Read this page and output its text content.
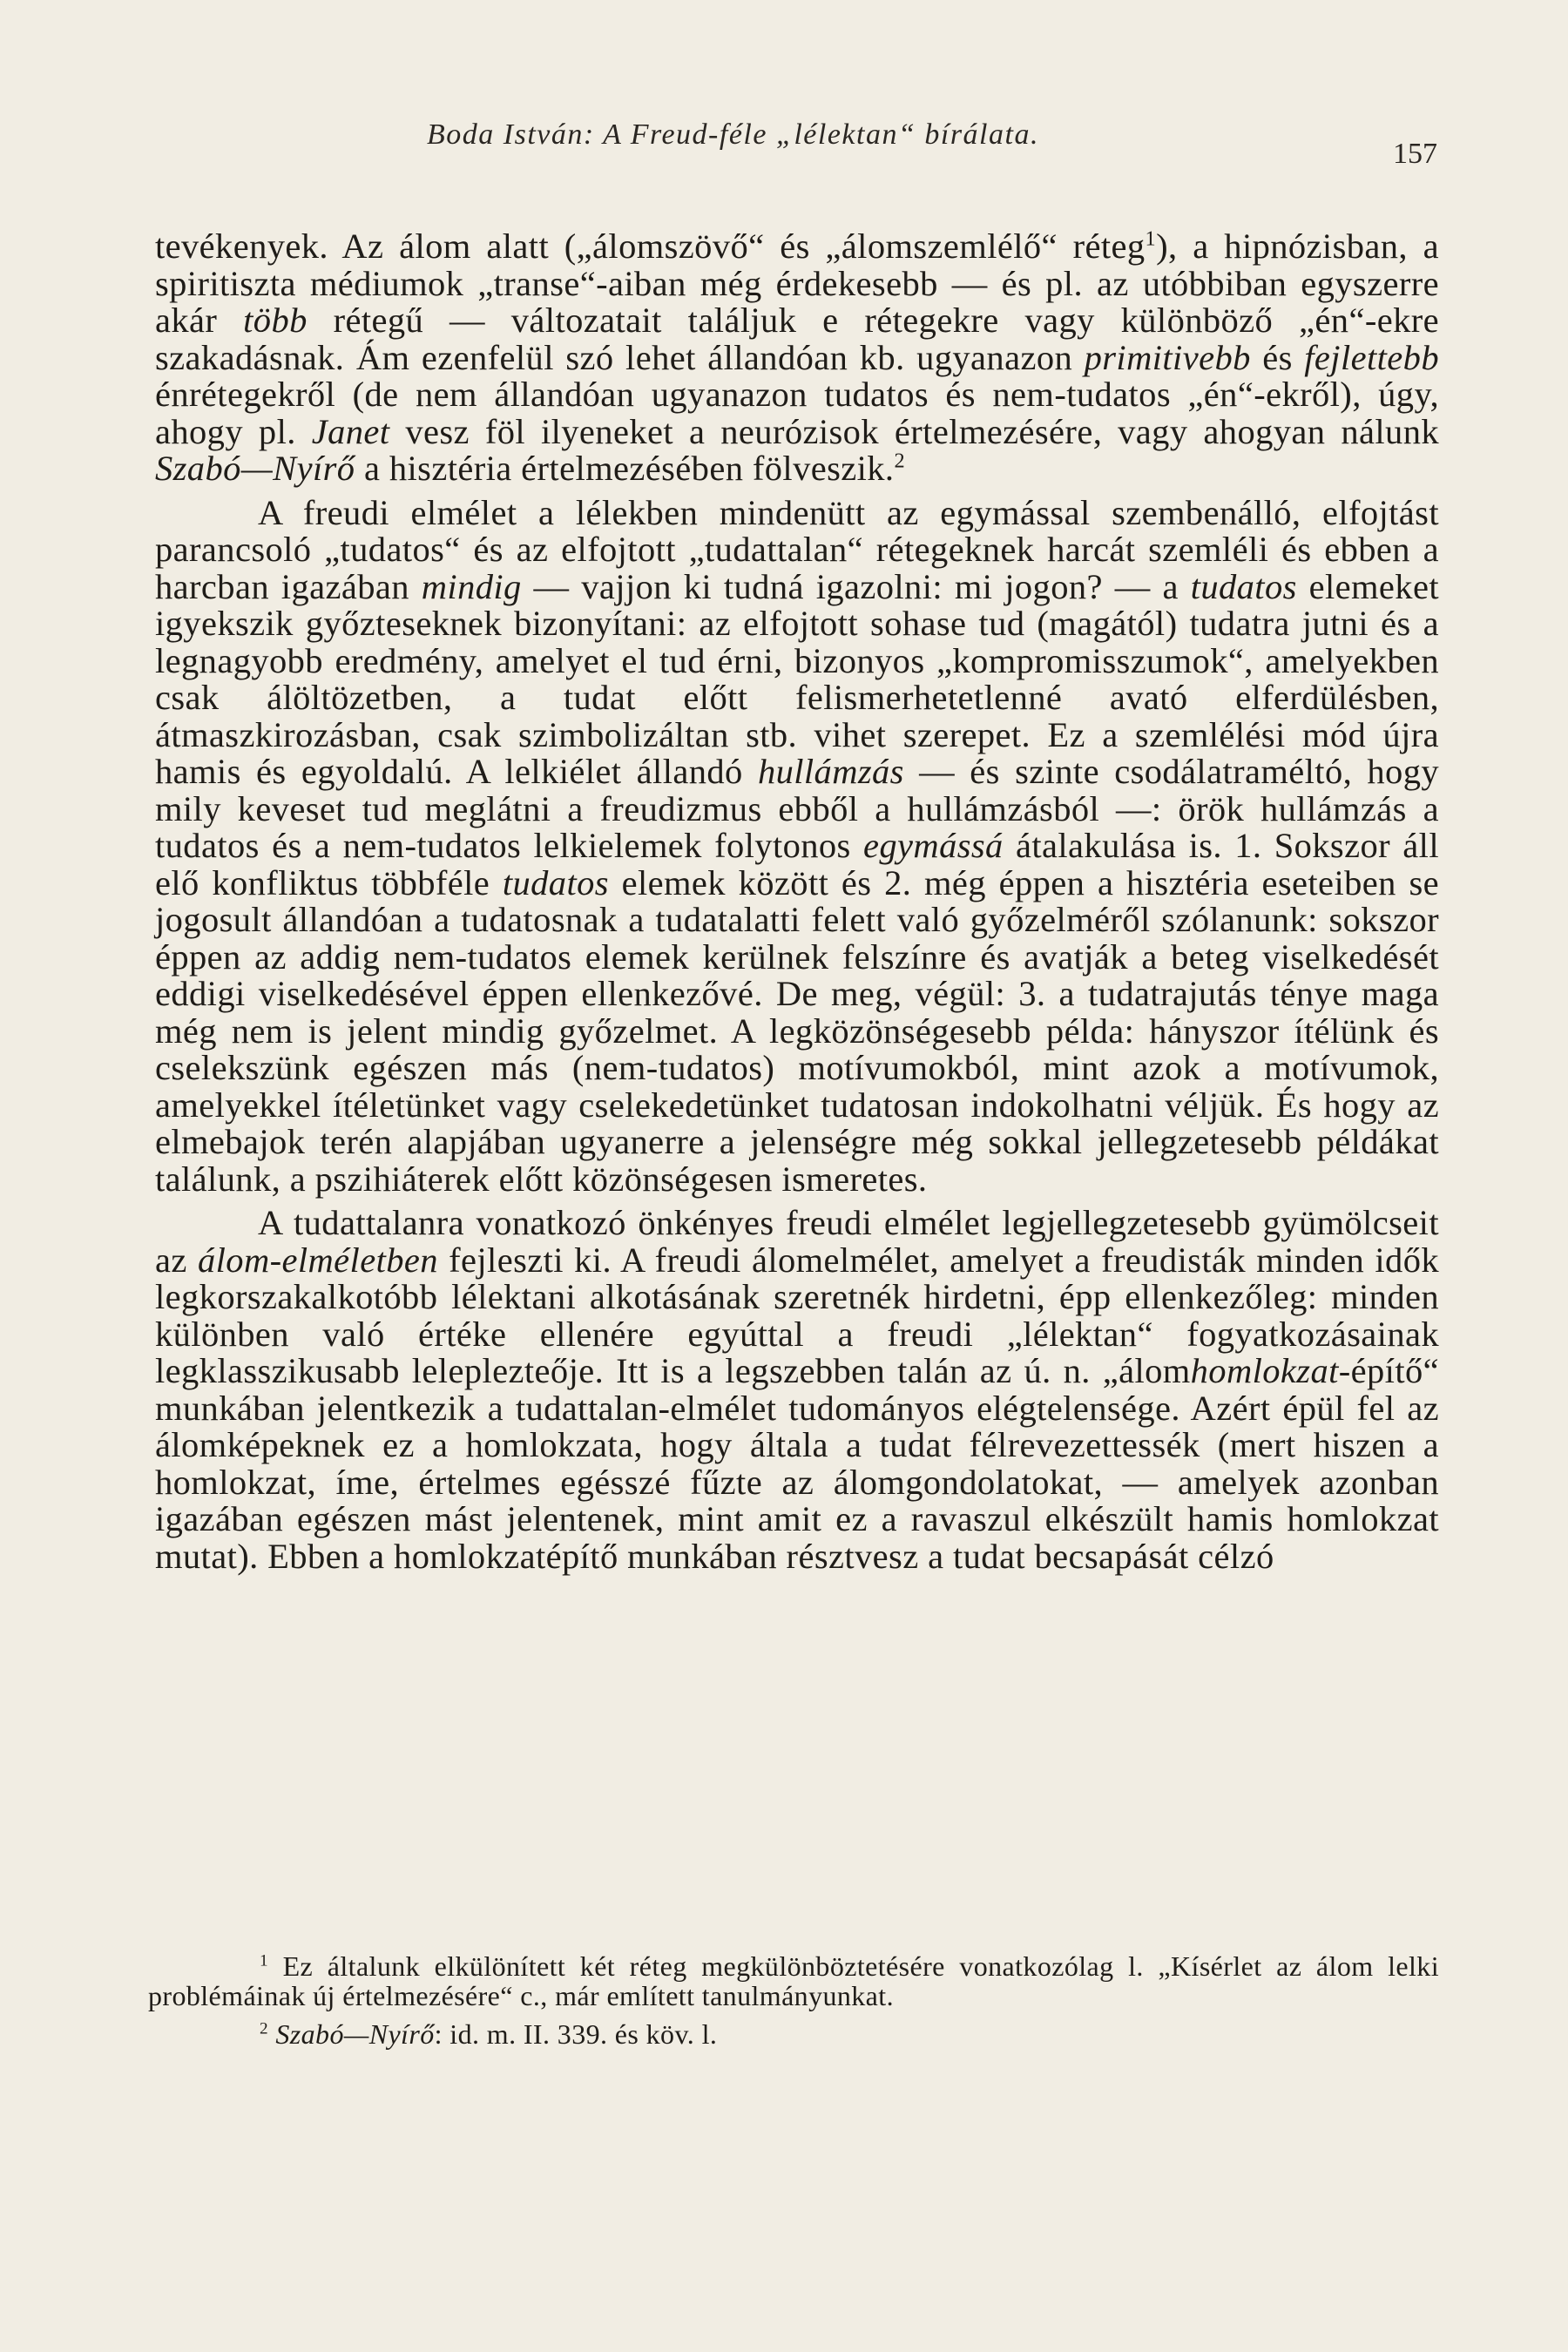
Boda István: A Freud-féle „lélektan“ bírálata.
157

tevékenyek. Az álom alatt („álomszövő“ és „álomszemlélő“ réteg$^1$), a hipnózisban, a spiritiszta médiumok „transe“-aiban még érdekesebb — és pl. az utóbbiban egyszerre akár több rétegű — változatait találjuk e rétegekre vagy különböző „én“-ekre szakadásnak. Ám ezenfelül szó lehet állandóan kb. ugyanazon primitivebb és fejlettebb énrétegekről (de nem állandóan ugyanazon tudatos és nem-tudatos „én“-ekről), úgy, ahogy pl. Janet vesz föl ilyeneket a neurózisok értelmezésére, vagy ahogyan nálunk Szabó—Nyírő a hisztéria értelmezésében fölveszik.$^2$

A freudi elmélet a lélekben mindenütt az egymással szembenálló, elfojtást parancsoló „tudatos“ és az elfojtott „tudattalan“ rétegeknek harcát szemléli és ebben a harcban igazában mindig — vajjon ki tudná igazolni: mi jogon? — a tudatos elemeket igyekszik győzteseknek bizonyítani: az elfojtott sohase tud (magától) tudatra jutni és a legnagyobb eredmény, amelyet el tud érni, bizonyos „kompromisszumok“, amelyekben csak álöltözetben, a tudat előtt felismerhetetlenné avató elferdülésben, átmaszkirozásban, csak szimbolizáltan stb. vihet szerepet. Ez a szemlélési mód újra hamis és egyoldalú. A lelkiélet állandó hullámzás — és szinte csodálatraméltó, hogy mily keveset tud meglátni a freudizmus ebből a hullámzásból —: örök hullámzás a tudatos és a nem-tudatos lelkielemek folytonos egymássá átalakulása is. 1. Sokszor áll elő konfliktus többféle tudatos elemek között és 2. még éppen a hisztéria eseteiben se jogosult állandóan a tudatosnak a tudatalatti felett való győzelméről szólanunk: sokszor éppen az addig nem-tudatos elemek kerülnek felszínre és avatják a beteg viselkedését eddigi viselkedésével éppen ellenkezővé. De meg, végül: 3. a tudatrajutás ténye maga még nem is jelent mindig győzelmet. A legközönségesebb példa: hányszor ítélünk és cselekszünk egészen más (nem-tudatos) motívumokból, mint azok a motívumok, amelyekkel ítéletünket vagy cselekedetünket tudatosan indokolhatni véljük. És hogy az elmebajok terén alapjában ugyanerre a jelenségre még sokkal jellegzetesebb példákat találunk, a pszihiáterek előtt közönségesen ismeretes.

A tudattalanra vonatkozó önkényes freudi elmélet legjellegzetesebb gyümölcseit az álom-elméletben fejleszti ki. A freudi álomelmélet, amelyet a freudisták minden idők legkorszakalkotóbb lélektani alkotásának szeretnék hirdetni, épp ellenkezőleg: minden különben való értéke ellenére egyúttal a freudi „lélektan“ fogyatkozásainak legklasszikusabb leleplezteője. Itt is a legszebben talán az ú. n. „álomhomlokzat-építő“ munkában jelentkezik a tudattalan-elmélet tudományos elégtelensége. Azért épül fel az álomképeknek ez a homlokzata, hogy általa a tudat félrevezettessék (mert hiszen a homlokzat, íme, értelmes egésszé fűzte az álomgondolatokat, — amelyek azonban igazában egészen mást jelentenek, mint amit ez a ravaszul elkészült hamis homlokzat mutat). Ebben a homlokzatépítő munkában résztvesz a tudat becsapását célzó

$^1$ Ez általunk elkülönített két réteg megkülönböztetésére vonatkozólag l. „Kísérlet az álom lelki problémáinak új értelmezésére“ c., már említett tanulmányunkat.

$^2$ Szabó—Nyírő: id. m. II. 339. és köv. l.
